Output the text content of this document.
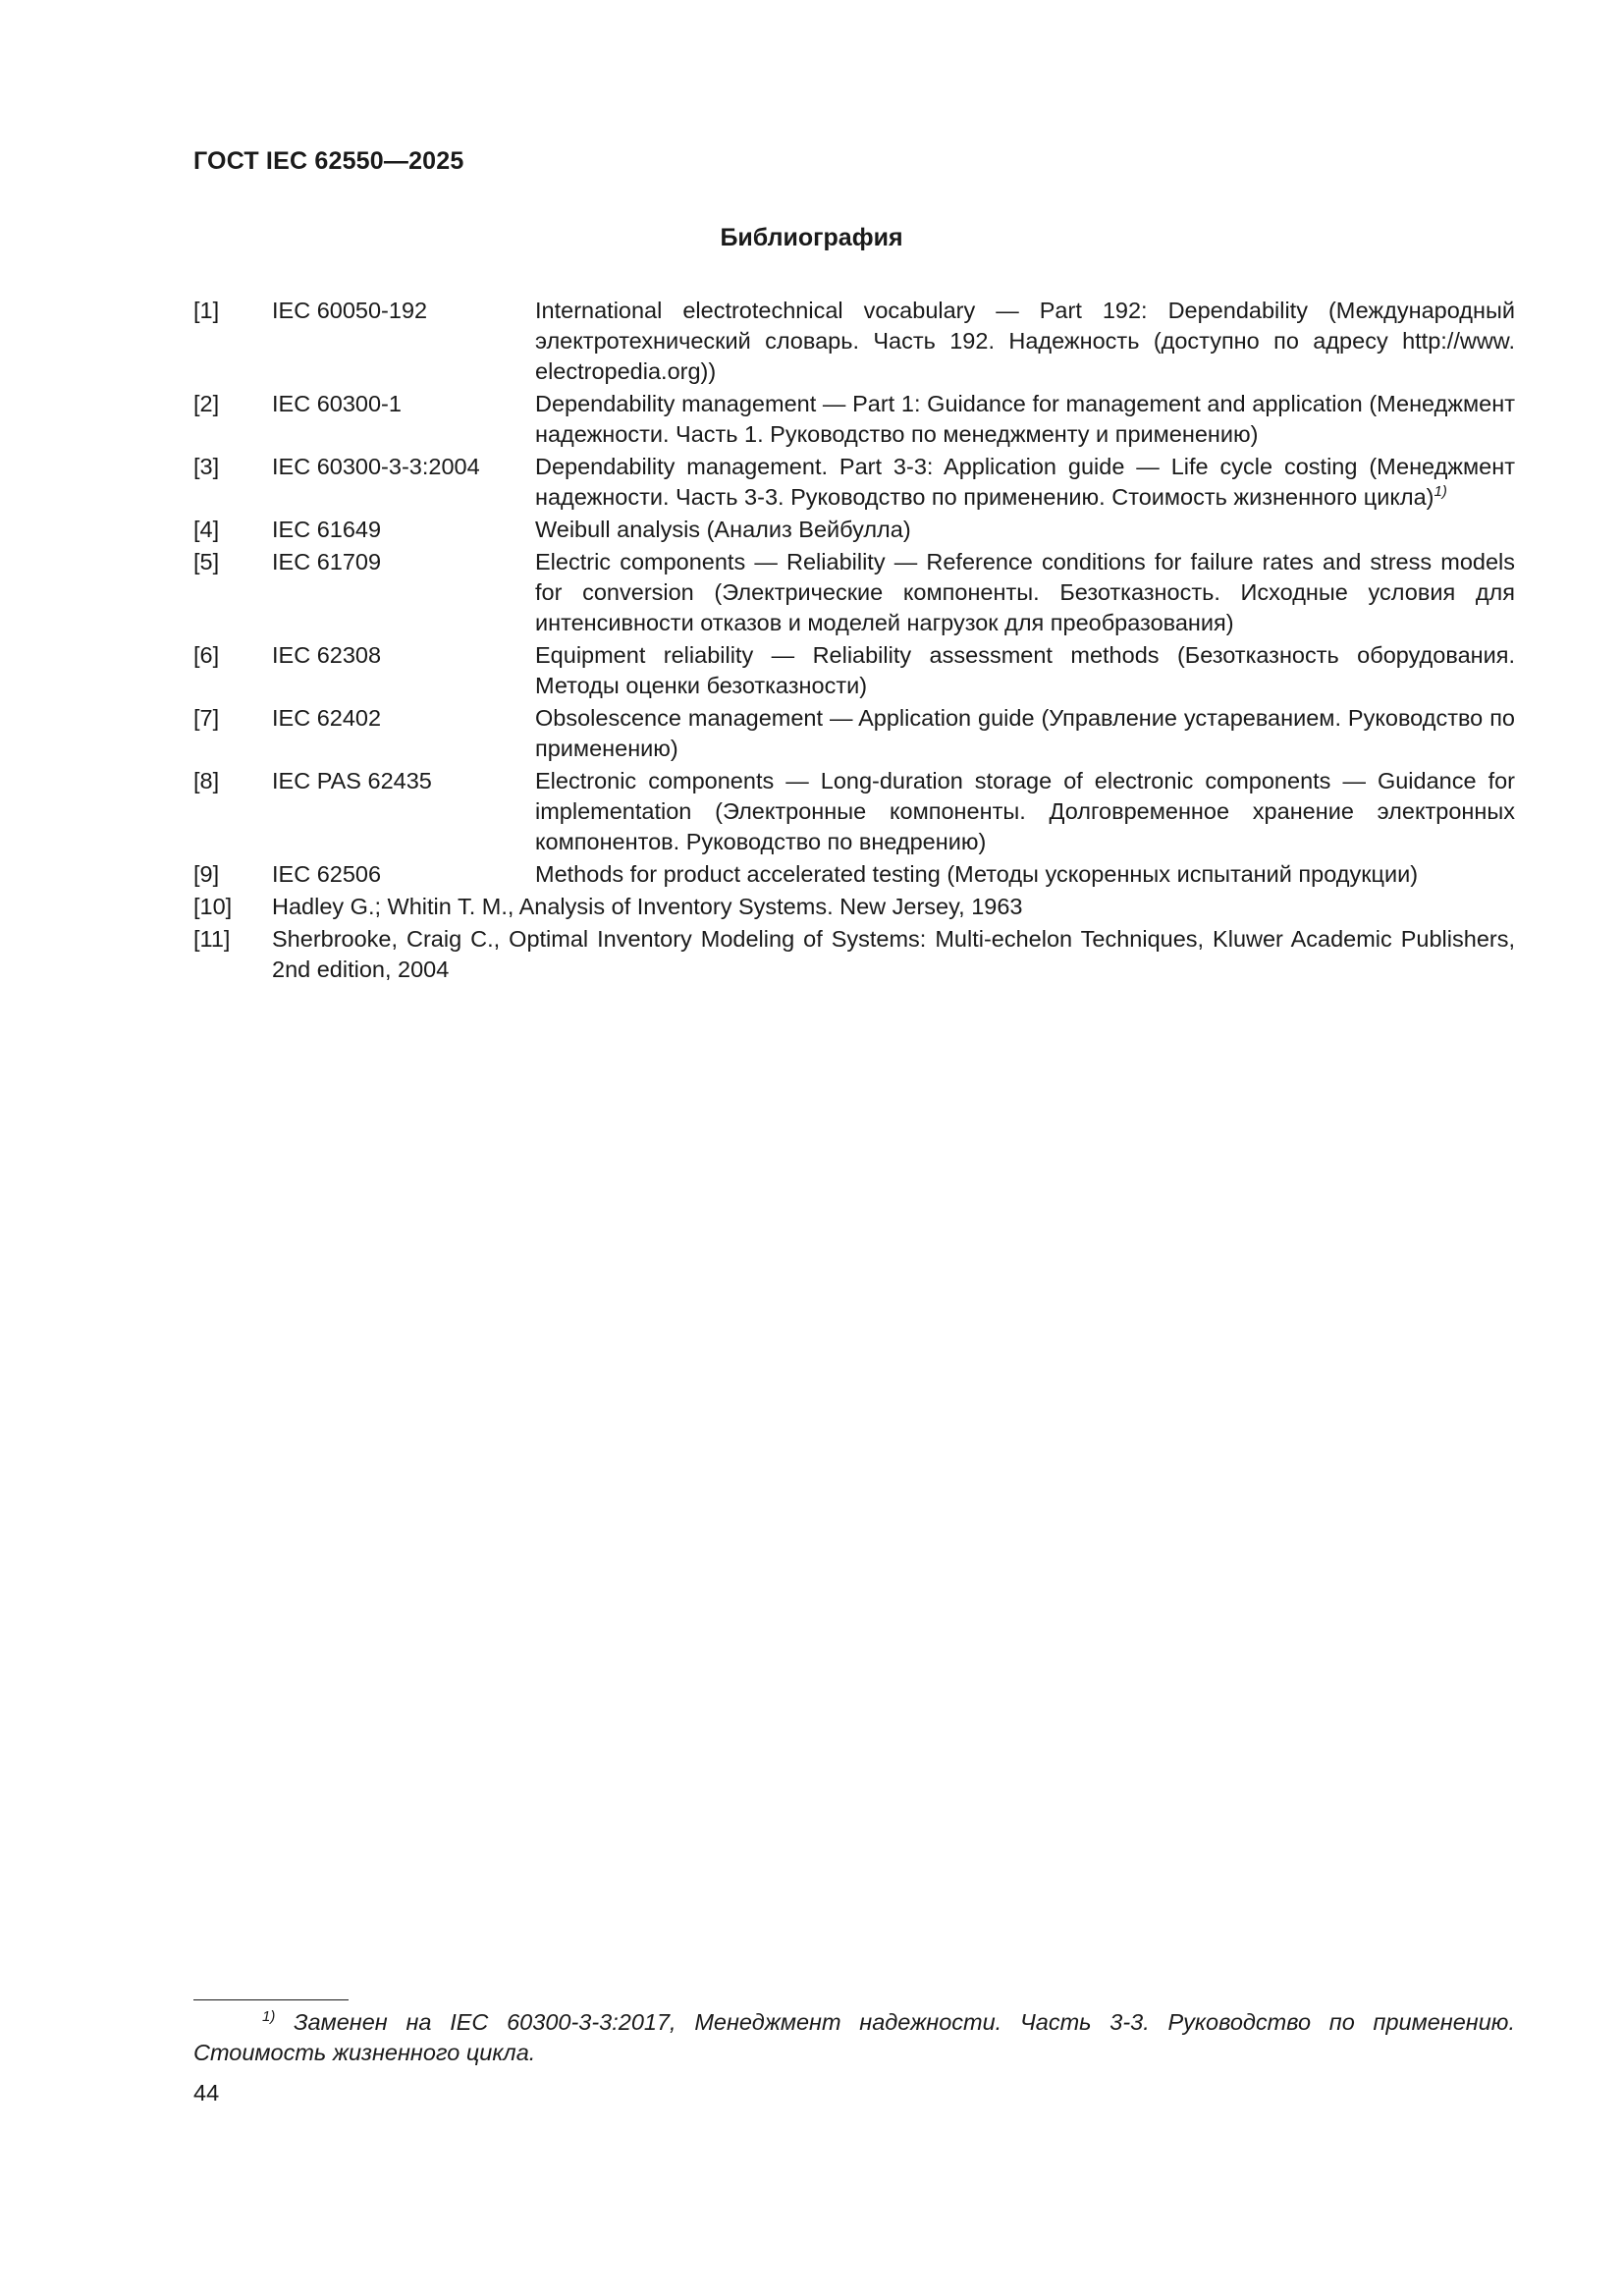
ГОСТ IEC 62550—2025
Библиография
[1]	IEC 60050-192	International electrotechnical vocabulary — Part 192: Dependability (Международный электротехнический словарь. Часть 192. Надежность (доступно по адресу http://www. electropedia.org))
[2]	IEC 60300-1	Dependability management — Part 1: Guidance for management and application (Менеджмент надежности. Часть 1. Руководство по менеджменту и применению)
[3]	IEC 60300-3-3:2004	Dependability management. Part 3-3: Application guide — Life cycle costing (Менеджмент надежности. Часть 3-3. Руководство по применению. Стоимость жизненного цикла)$^{1)}$
[4]	IEC 61649	Weibull analysis (Анализ Вейбулла)
[5]	IEC 61709	Electric components — Reliability — Reference conditions for failure rates and stress models for conversion (Электрические компоненты. Безотказность. Исходные условия для интенсивности отказов и моделей нагрузок для преобразования)
[6]	IEC 62308	Equipment reliability — Reliability assessment methods (Безотказность оборудования. Методы оценки безотказности)
[7]	IEC 62402	Obsolescence management — Application guide (Управление устареванием. Руководство по применению)
[8]	IEC PAS 62435	Electronic components — Long-duration storage of electronic components — Guidance for implementation (Электронные компоненты. Долговременное хранение электронных компонентов. Руководство по внедрению)
[9]	IEC 62506	Methods for product accelerated testing (Методы ускоренных испытаний продукции)
[10]	Hadley G.; Whitin T. M., Analysis of Inventory Systems. New Jersey, 1963
[11]	Sherbrooke, Craig C., Optimal Inventory Modeling of Systems: Multi-echelon Techniques, Kluwer Academic Publishers, 2nd edition, 2004
$^{1)}$ Заменен на IEC 60300-3-3:2017, Менеджмент надежности. Часть 3-3. Руководство по применению. Стоимость жизненного цикла.
44
